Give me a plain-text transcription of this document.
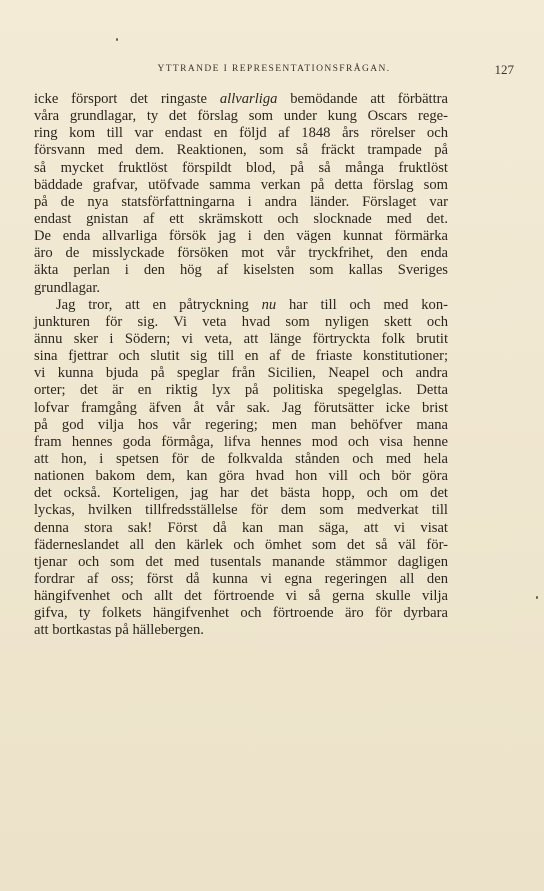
YTTRANDE I REPRESENTATIONSFRÅGAN.	127
icke försport det ringaste allvarliga bemödande att förbättra
våra grundlagar, ty det förslag som under kung Oscars rege-
ring kom till var endast en följd af 1848 års rörelser och
försvann med dem. Reaktionen, som så fräckt trampade på
så mycket fruktlöst förspildt blod, på så många fruktlöst
bäddade grafvar, utöfvade samma verkan på detta förslag som
på de nya statsförfattningarna i andra länder. Förslaget var
endast gnistan af ett skrämskott och slocknade med det.
De enda allvarliga försök jag i den vägen kunnat förmärka
äro de misslyckade försöken mot vår tryckfrihet, den enda
äkta perlan i den hög af kiselsten som kallas Sveriges
grundlagar.
Jag tror, att en påtryckning nu har till och med kon-
junkturen för sig. Vi veta hvad som nyligen skett och
ännu sker i Södern; vi veta, att länge förtryckta folk brutit
sina fjettrar och slutit sig till en af de friaste konstitutioner;
vi kunna bjuda på speglar från Sicilien, Neapel och andra
orter; det är en riktig lyx på politiska spegelglas. Detta
lofvar framgång äfven åt vår sak. Jag förutsätter icke brist
på god vilja hos vår regering; men man behöfver mana
fram hennes goda förmåga, lifva hennes mod och visa henne
att hon, i spetsen för de folkvalda stånden och med hela
nationen bakom dem, kan göra hvad hon vill och bör göra
det också. Korteligen, jag har det bästa hopp, och om det
lyckas, hvilken tillfredsställelse för dem som medverkat till
denna stora sak! Först då kan man säga, att vi visat
fäderneslandet all den kärlek och ömhet som det så väl för-
tjenar och som det med tusentals manande stämmor dagligen
fordrar af oss; först då kunna vi egna regeringen all den
hängifvenhet och allt det förtroende vi så gerna skulle vilja
gifva, ty folkets hängifvenhet och förtroende äro för dyrbara
att bortkastas på hällebergen.
